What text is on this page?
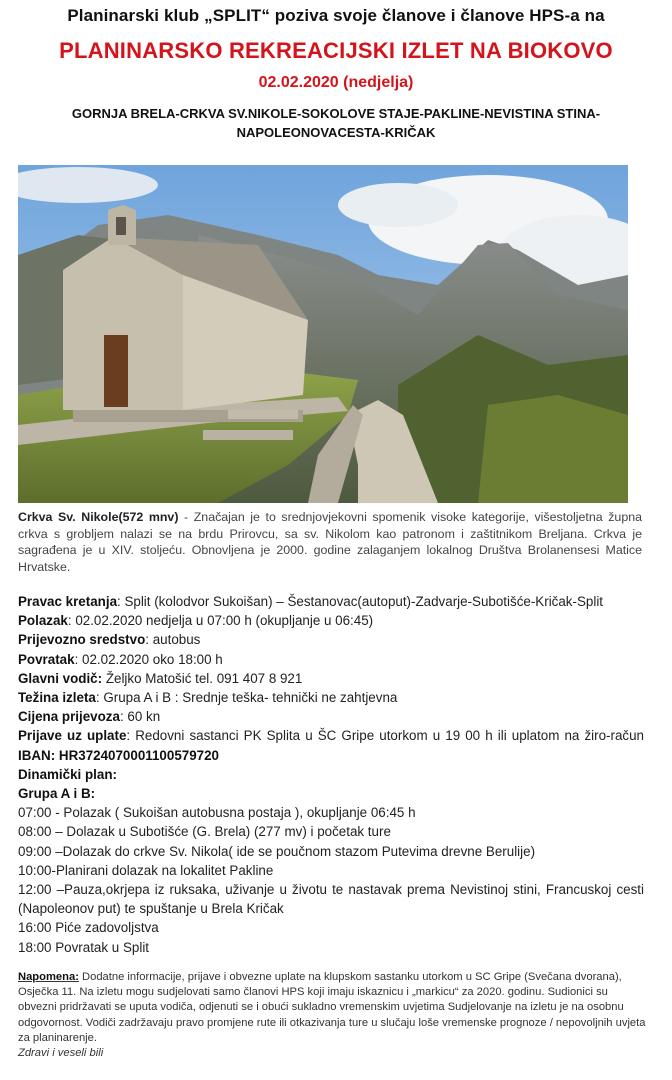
Planinarski klub „SPLIT“ poziva svoje članove i članove HPS-a na
PLANINARSKO REKREACIJSKI IZLET NA BIOKOVO
02.02.2020 (nedjelja)
GORNJA BRELA-CRKVA SV.NIKOLE-SOKOLOVE STAJE-PAKLINE-NEVISTINA STINA-
NAPOLEONOVACESTA-KRIČAK
Crkva Sv. Nikole(572 mnv) - Značajan je to srednjovjekovni spomenik visoke kategorije, višestoljetna župna crkva s grobljem nalazi se na brdu Prirovcu, sa sv. Nikolom kao patronom i zaštitnikom Breljana. Crkva je sagrađena je u XIV. stoljeću. Obnovljena je 2000. godine zalaganjem lokalnog Društva Brolanensesi Matice Hrvatske.
Pravac kretanja: Split (kolodvor Sukoišan) – Šestanovac(autoput)-Zadvarje-Subotišće-Kričak-Split
Polazak: 02.02.2020 nedjelja u 07:00 h (okupljanje u 06:45)
Prijevozno sredstvo: autobus
Povratak: 02.02.2020 oko 18:00 h
Glavni vodič: Željko Matošić tel. 091 407 8 921
Težina izleta: Grupa A i B : Srednje teška- tehnički ne zahtjevna
Cijena prijevoza: 60 kn
Prijave uz uplate: Redovni sastanci PK Splita u ŠC Gripe utorkom u 19 00 h ili uplatom na žiro-račun IBAN: HR3724070001100579720
Dinamički plan:
Grupa A i B:
07:00 - Polazak ( Sukoišan autobusna postaja ), okupljanje 06:45 h
08:00 – Dolazak u Subotišće (G. Brela) (277 mv) i početak ture
09:00 –Dolazak do crkve Sv. Nikola( ide se poučnom stazom Putevima drevne Berulije)
10:00-Planirani dolazak na lokalitet Pakline
12:00 –Pauza,okrjepa iz ruksaka, uživanje u životu te nastavak prema Nevistinoj stini, Francuskoj cesti (Napoleonov put) te spuštanje u Brela Kričak
16:00 Piće zadovoljstva
18:00 Povratak u Split
Napomena: Dodatne informacije, prijave i obvezne uplate na klupskom sastanku utorkom u SC Gripe (Svečana dvorana), Osječka 11. Na izletu mogu sudjelovati samo članovi HPS koji imaju iskaznicu i „markicu“ za 2020. godinu. Sudionici su obvezni pridržavati se uputa vodiča, odjenuti se i obući sukladno vremenskim uvjetima Sudjelovanje na izletu je na osobnu odgovornost. Vodiči zadržavaju pravo promjene rute ili otkazivanja ture u slučaju loše vremenske prognoze / nepovoljnih uvjeta za planinarenje.
Zdravi i veseli bili
